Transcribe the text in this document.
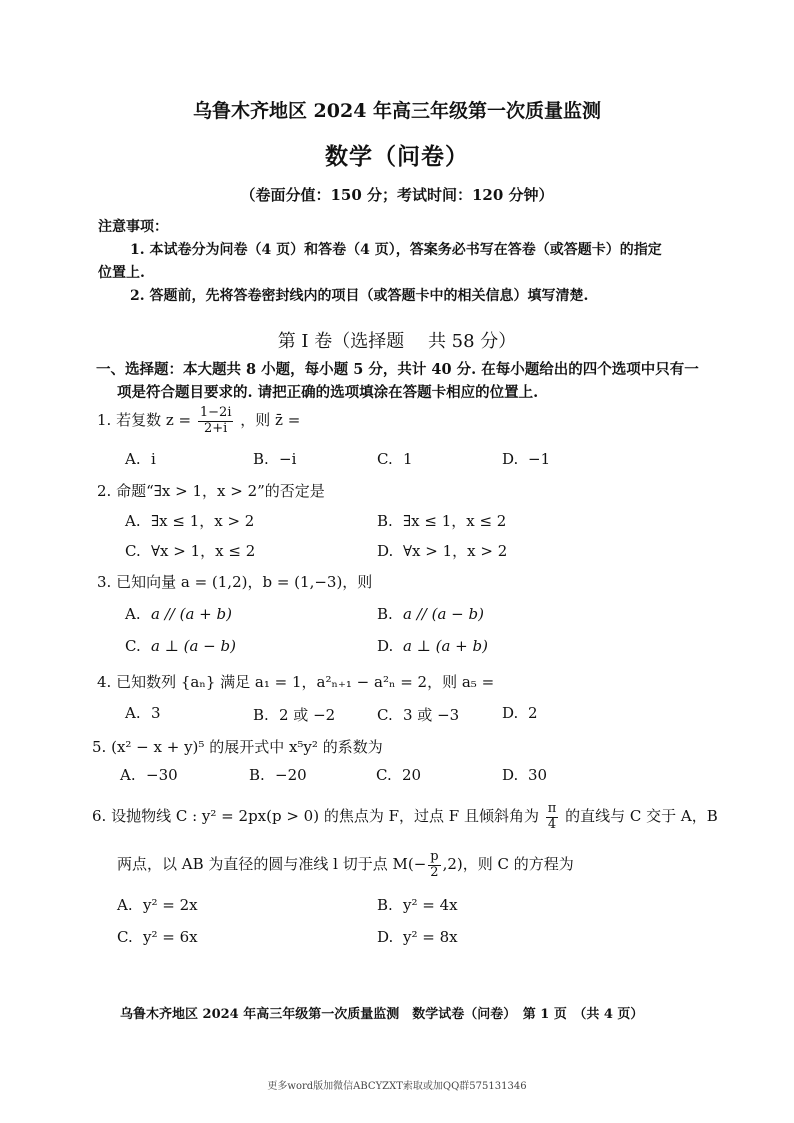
乌鲁木齐地区 2024 年高三年级第一次质量监测
数学（问卷）
（卷面分值：150 分；考试时间：120 分钟）
注意事项：
1. 本试卷分为问卷（4 页）和答卷（4 页），答案务必书写在答卷（或答题卡）的指定
位置上.
2. 答题前，先将答卷密封线内的项目（或答题卡中的相关信息）填写清楚.
第 I 卷（选择题　 共 58 分）
一、选择题：本大题共 8 小题，每小题 5 分，共计 40 分. 在每小题给出的四个选项中只有一
项是符合题目要求的. 请把正确的选项填涂在答题卡相应的位置上.
1. 若复数 $z = \frac{1-2i}{2+i}$ ，则 z̄ =
A. i	B. −i	C. 1	D. −1
2. 命题“∃x > 1，x > 2”的否定是
A. ∃x ≤ 1，x > 2	B. ∃x ≤ 1，x ≤ 2
C. ∀x > 1，x ≤ 2	D. ∀x > 1，x > 2
3. 已知向量 a = (1,2)，b = (1,−3)，则
A. a // (a + b)	B. a // (a − b)
C. a ⊥ (a − b)	D. a ⊥ (a + b)
4. 已知数列 {aₙ} 满足 a₁ = 1，a²ₙ₊₁ − a²ₙ = 2，则 a₅ =
A. 3	B. 2 或 −2	C. 3 或 −3	D. 2
5. (x² − x + y)⁵ 的展开式中 x⁵y² 的系数为
A. −30	B. −20	C. 20	D. 30
6. 设抛物线 C : y² = 2px(p > 0) 的焦点为 F，过点 F 且倾斜角为 $\frac{\pi}{4}$ 的直线与 C 交于 A，B
两点，以 AB 为直径的圆与准线 l 切于点 $M(- \frac{p}{2} ,2)$，则 C 的方程为
A. y² = 2x	B. y² = 4x
C. y² = 6x	D. y² = 8x
乌鲁木齐地区 2024 年高三年级第一次质量监测　数学试卷（问卷）　第 1 页　（共 4 页）
更多word版加微信ABCYZXT索取或加QQ群575131346
